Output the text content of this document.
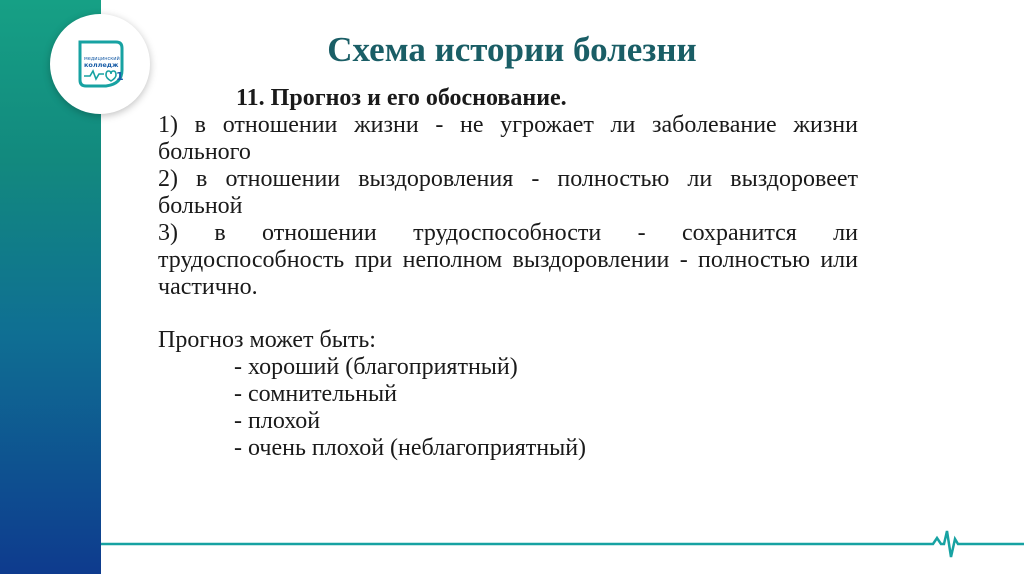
медицинский
колледж
1
Схема истории болезни

11. Прогноз и его обоснование.

1) в отношении жизни - не угрожает ли заболевание жизни больного

2) в отношении выздоровления - полностью ли выздоровеет больной

3) в отношении трудоспособности - сохранится ли трудоспособность при неполном выздоровлении - полностью или частично.

Прогноз может быть:

- хороший (благоприятный)

- сомнительный

- плохой

- очень плохой (неблагоприятный)
